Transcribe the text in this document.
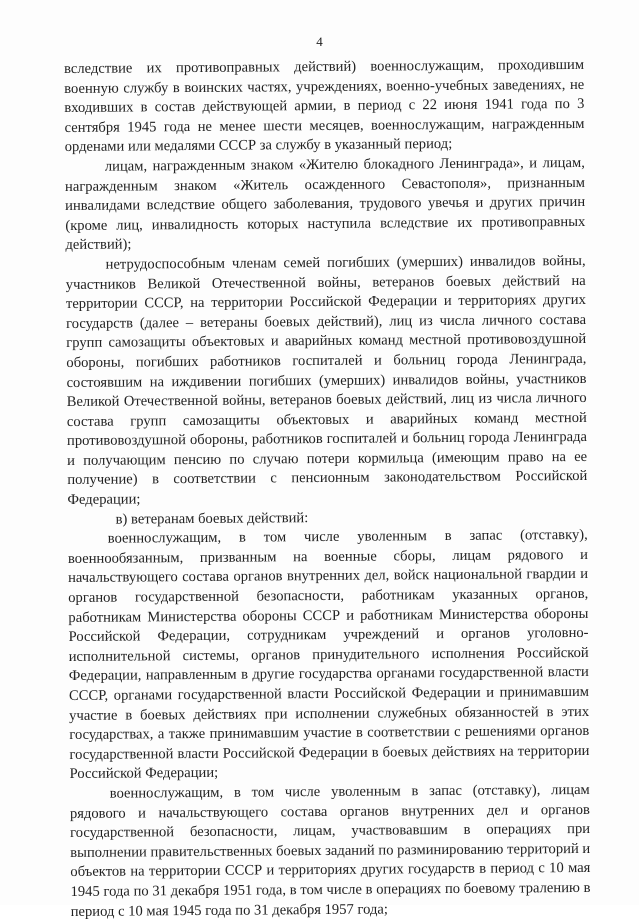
4

вследствие их противоправных действий) военнослужащим, проходившим военную службу в воинских частях, учреждениях, военно-учебных заведениях, не входивших в состав действующей армии, в период с 22 июня 1941 года по 3 сентября 1945 года не менее шести месяцев, военнослужащим, награжденным орденами или медалями СССР за службу в указанный период;

лицам, награжденным знаком «Жителю блокадного Ленинграда», и лицам, награжденным знаком «Житель осажденного Севастополя», признанным инвалидами вследствие общего заболевания, трудового увечья и других причин (кроме лиц, инвалидность которых наступила вследствие их противоправных действий);

нетрудоспособным членам семей погибших (умерших) инвалидов войны, участников Великой Отечественной войны, ветеранов боевых действий на территории СССР, на территории Российской Федерации и территориях других государств (далее – ветераны боевых действий), лиц из числа личного состава групп самозащиты объектовых и аварийных команд местной противовоздушной обороны, погибших работников госпиталей и больниц города Ленинграда, состоявшим на иждивении погибших (умерших) инвалидов войны, участников Великой Отечественной войны, ветеранов боевых действий, лиц из числа личного состава групп самозащиты объектовых и аварийных команд местной противовоздушной обороны, работников госпиталей и больниц города Ленинграда и получающим пенсию по случаю потери кормильца (имеющим право на ее получение) в соответствии с пенсионным законодательством Российской Федерации;

в) ветеранам боевых действий:

военнослужащим, в том числе уволенным в запас (отставку), военнообязанным, призванным на военные сборы, лицам рядового и начальствующего состава органов внутренних дел, войск национальной гвардии и органов государственной безопасности, работникам указанных органов, работникам Министерства обороны СССР и работникам Министерства обороны Российской Федерации, сотрудникам учреждений и органов уголовно-исполнительной системы, органов принудительного исполнения Российской Федерации, направленным в другие государства органами государственной власти СССР, органами государственной власти Российской Федерации и принимавшим участие в боевых действиях при исполнении служебных обязанностей в этих государствах, а также принимавшим участие в соответствии с решениями органов государственной власти Российской Федерации в боевых действиях на территории Российской Федерации;

военнослужащим, в том числе уволенным в запас (отставку), лицам рядового и начальствующего состава органов внутренних дел и органов государственной безопасности, лицам, участвовавшим в операциях при выполнении правительственных боевых заданий по разминированию территорий и объектов на территории СССР и территориях других государств в период с 10 мая 1945 года по 31 декабря 1951 года, в том числе в операциях по боевому тралению в период с 10 мая 1945 года по 31 декабря 1957 года;
